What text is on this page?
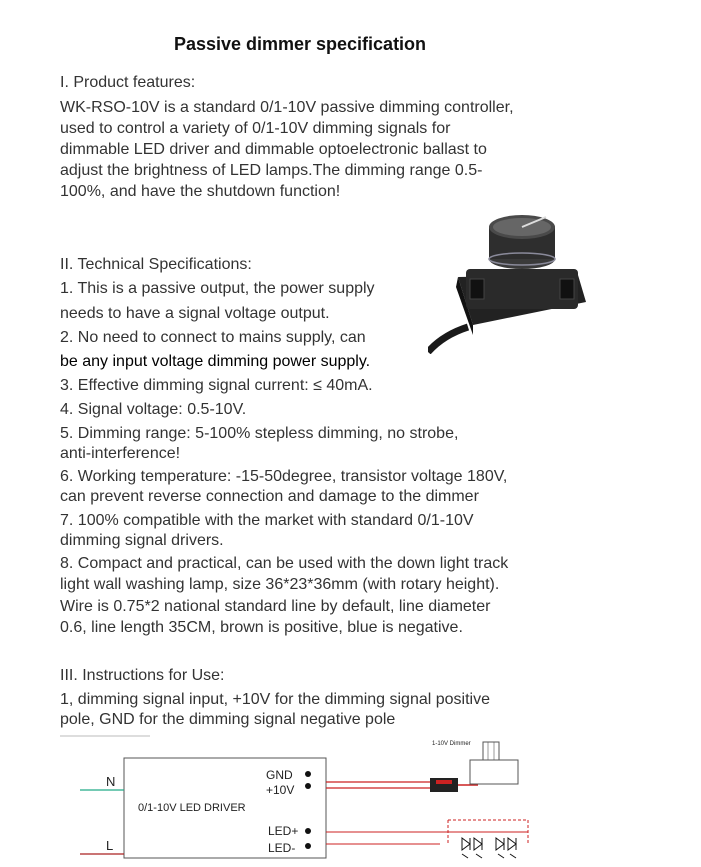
Passive dimmer specification
I. Product features:
WK-RSO-10V is a standard 0/1-10V passive dimming controller,
used to control a variety of 0/1-10V dimming signals for
dimmable LED driver and dimmable optoelectronic ballast to
adjust the brightness of LED lamps.The dimming range 0.5-
100%, and have the shutdown function!
II. Technical Specifications:
1. This is a passive output, the power supply
needs to have a signal voltage output.
2. No need to connect to mains supply, can
be any input voltage dimming power supply.
3. Effective dimming signal current: ≤ 40mA.
4. Signal voltage: 0.5-10V.
5. Dimming range: 5-100% stepless dimming, no strobe,
anti-interference!
6. Working temperature: -15-50degree, transistor voltage 180V,
can prevent reverse connection and damage to the dimmer
7. 100% compatible with the market with standard 0/1-10V
dimming signal drivers.
8. Compact and practical, can be used with the down light track
light wall washing lamp, size 36*23*36mm (with rotary height).
Wire is 0.75*2 national standard line by default, line diameter
0.6, line length 35CM, brown is positive, blue is negative.
III. Instructions for Use:
1, dimming signal input, +10V for the dimming signal positive
pole, GND for the dimming signal negative pole
0/1-10V LED DRIVER
N
L
GND
+10V
LED+
LED-
1-10V Dimmer
